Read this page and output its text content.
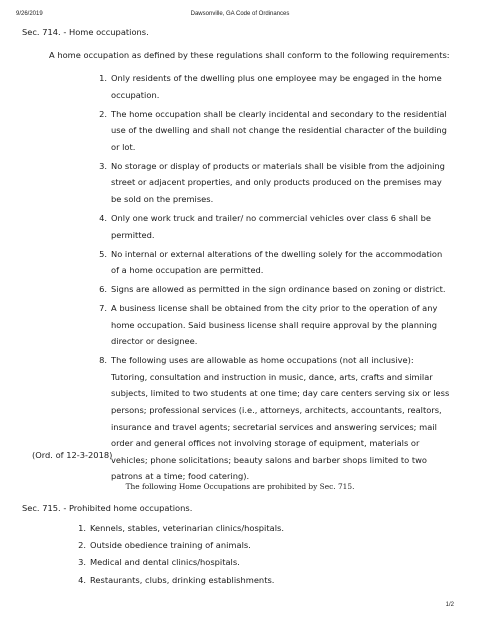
9/26/2019	Dawsonville, GA Code of Ordinances
Sec. 714. - Home occupations.
A home occupation as defined by these regulations shall conform to the following requirements:
1. Only residents of the dwelling plus one employee may be engaged in the home occupation.
2. The home occupation shall be clearly incidental and secondary to the residential use of the dwelling and shall not change the residential character of the building or lot.
3. No storage or display of products or materials shall be visible from the adjoining street or adjacent properties, and only products produced on the premises may be sold on the premises.
4. Only one work truck and trailer/ no commercial vehicles over class 6 shall be permitted.
5. No internal or external alterations of the dwelling solely for the accommodation of a home occupation are permitted.
6. Signs are allowed as permitted in the sign ordinance based on zoning or district.
7. A business license shall be obtained from the city prior to the operation of any home occupation. Said business license shall require approval by the planning director or designee.
8. The following uses are allowable as home occupations (not all inclusive): Tutoring, consultation and instruction in music, dance, arts, crafts and similar subjects, limited to two students at one time; day care centers serving six or less persons; professional services (i.e., attorneys, architects, accountants, realtors, insurance and travel agents; secretarial services and answering services; mail order and general offices not involving storage of equipment, materials or vehicles; phone solicitations; beauty salons and barber shops limited to two patrons at a time; food catering).
(Ord. of 12-3-2018)
The following Home Occupations are prohibited by Sec. 715.
Sec. 715. - Prohibited home occupations.
1. Kennels, stables, veterinarian clinics/hospitals.
2. Outside obedience training of animals.
3. Medical and dental clinics/hospitals.
4. Restaurants, clubs, drinking establishments.
1/2
